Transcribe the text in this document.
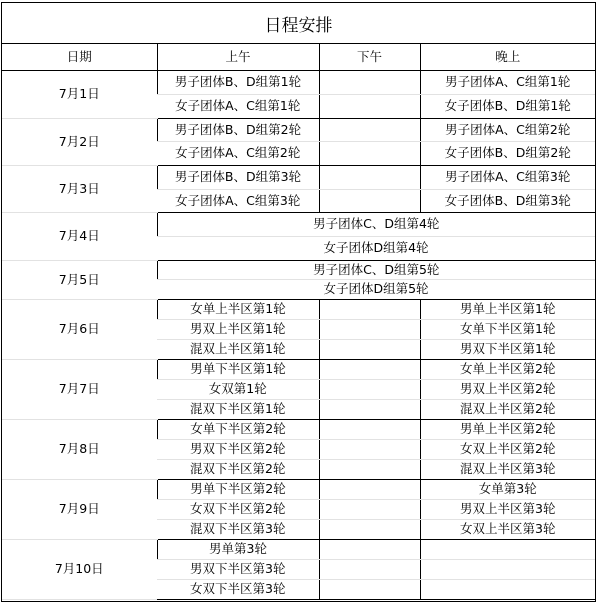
日程安排
日期	上午	下午	晚上
7月1日	男子团体B、D组第1轮		男子团体A、C组第1轮
	女子团体A、C组第1轮		女子团体B、D组第1轮
7月2日	男子团体B、D组第2轮		男子团体A、C组第2轮
	女子团体A、C组第2轮		女子团体B、D组第2轮
7月3日	男子团体B、D组第3轮		男子团体A、C组第3轮
	女子团体A、C组第3轮		女子团体B、D组第3轮
7月4日	男子团体C、D组第4轮		
	女子团体D组第4轮		
7月5日	男子团体C、D组第5轮		
	女子团体D组第5轮		
7月6日	女单上半区第1轮		男单上半区第1轮
	男双上半区第1轮		女单下半区第1轮
	混双上半区第1轮		男双下半区第1轮
7月7日	男单下半区第1轮		女单上半区第2轮
	女双第1轮		男双上半区第2轮
	混双下半区第1轮		混双上半区第2轮
7月8日	女单下半区第2轮		男单上半区第2轮
	男双下半区第2轮		女双上半区第2轮
	混双下半区第2轮		混双上半区第3轮
7月9日	男单下半区第2轮		女单第3轮
	女双下半区第2轮		男双上半区第3轮
	混双下半区第3轮		女双上半区第3轮
7月10日	男单第3轮		
	男双下半区第3轮		
	女双下半区第3轮		
